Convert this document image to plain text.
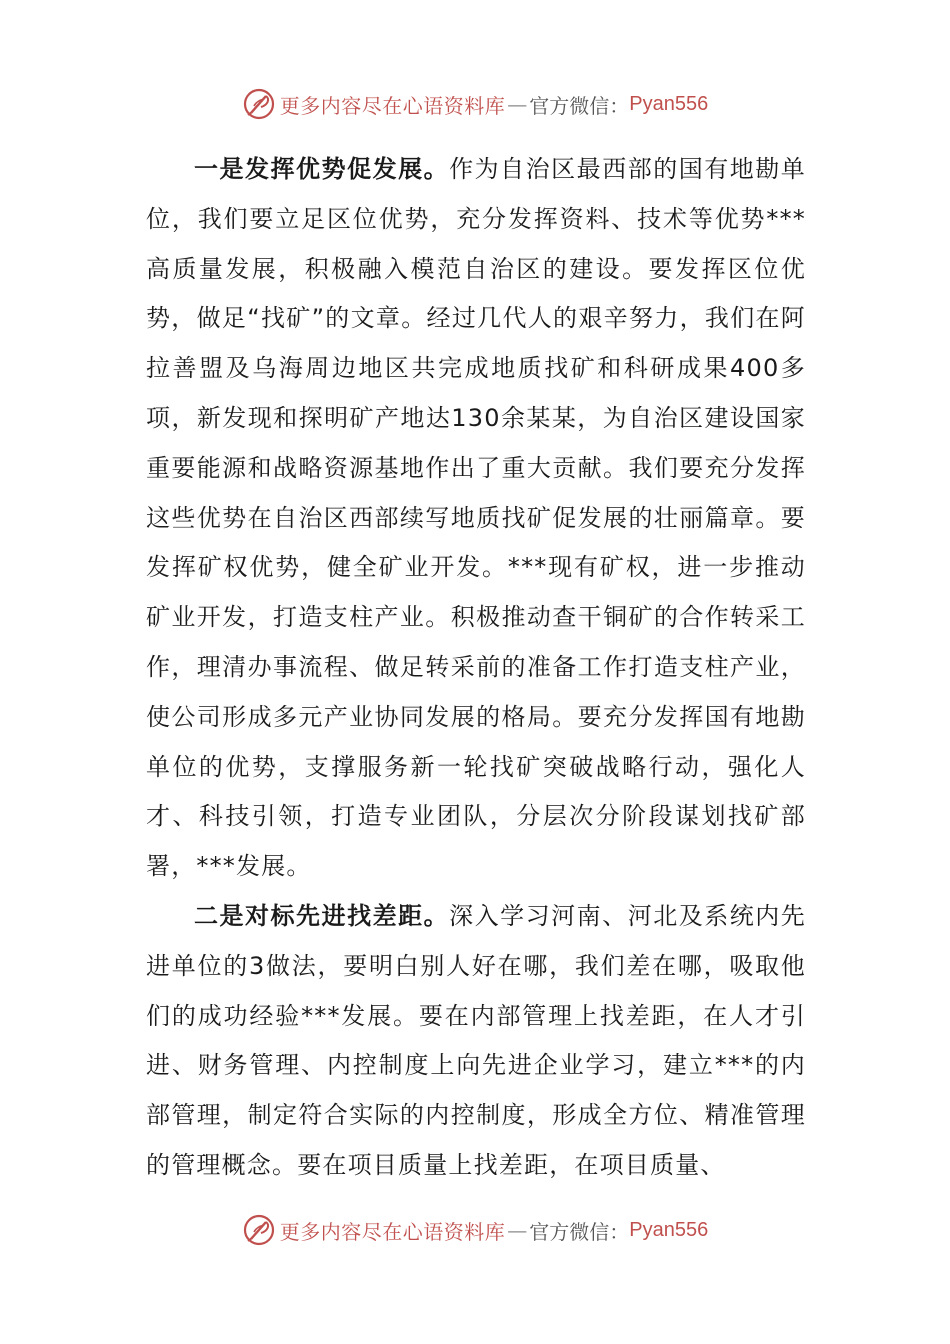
更多内容尽在心语资料库 — 官方微信： Pyan556

一是发挥优势促发展。作为自治区最西部的国有地勘单位，我们要立足区位优势，充分发挥资料、技术等优势***高质量发展，积极融入模范自治区的建设。要发挥区位优势，做足“找矿”的文章。经过几代人的艰辛努力，我们在阿拉善盟及乌海周边地区共完成地质找矿和科研成果400多项，新发现和探明矿产地达130余某某，为自治区建设国家重要能源和战略资源基地作出了重大贡献。我们要充分发挥这些优势在自治区西部续写地质找矿促发展的壮丽篇章。要发挥矿权优势，健全矿业开发。***现有矿权，进一步推动矿业开发，打造支柱产业。积极推动查干铜矿的合作转采工作，理清办事流程、做足转采前的准备工作打造支柱产业，使公司形成多元产业协同发展的格局。要充分发挥国有地勘单位的优势，支撑服务新一轮找矿突破战略行动，强化人才、科技引领，打造专业团队，分层次分阶段谋划找矿部署，***发展。

二是对标先进找差距。深入学习河南、河北及系统内先进单位的3做法，要明白别人好在哪，我们差在哪，吸取他们的成功经验***发展。要在内部管理上找差距，在人才引进、财务管理、内控制度上向先进企业学习，建立***的内部管理，制定符合实际的内控制度，形成全方位、精准管理的管理概念。要在项目质量上找差距，在项目质量、

更多内容尽在心语资料库 — 官方微信： Pyan556
